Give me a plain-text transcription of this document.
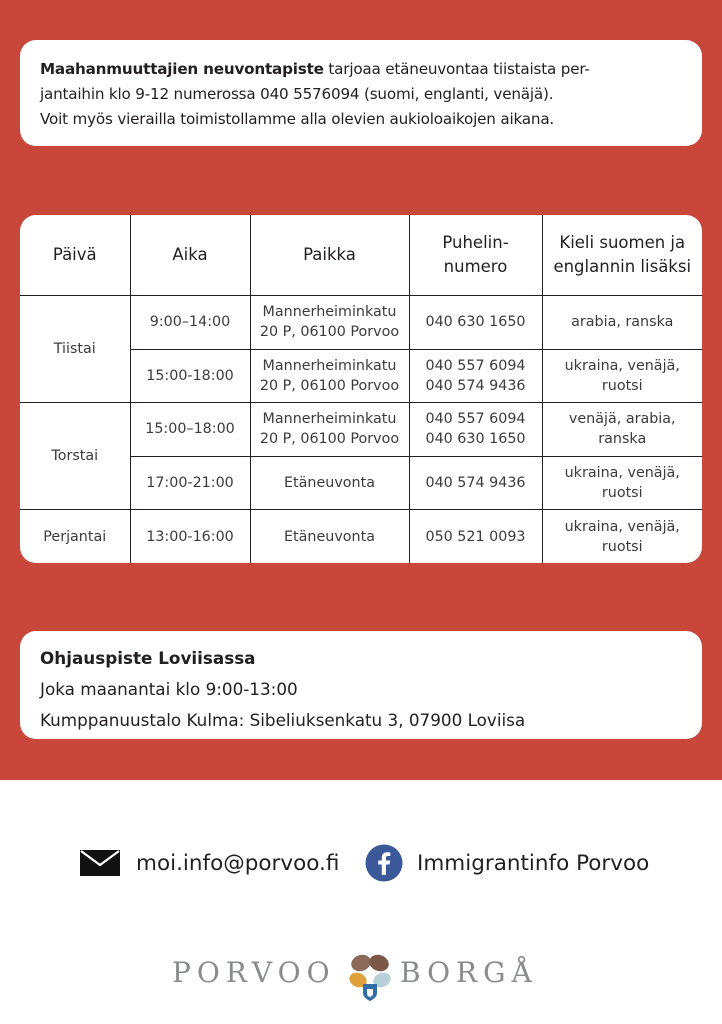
Maahanmuuttajien neuvontapiste tarjoaa etäneuvontaa tiistaista per-

jantaihin klo 9-12 numerossa 040 5576094 (suomi, englanti, venäjä).

Voit myös vierailla toimistollamme alla olevien aukioloaikojen aikana.

Päivä	Aika	Paikka	Puhelin-
numero	Kieli suomen ja
englannin lisäksi

Tiistai	9:00–14:00	Mannerheiminkatu
20 P, 06100 Porvoo	040 630 1650	arabia, ranska

	15:00-18:00	Mannerheiminkatu
20 P, 06100 Porvoo	040 557 6094
040 574 9436	ukraina, venäjä,
ruotsi

Torstai	15:00–18:00	Mannerheiminkatu
20 P, 06100 Porvoo	040 557 6094
040 630 1650	venäjä, arabia,
ranska

	17:00-21:00	Etäneuvonta	040 574 9436	ukraina, venäjä,
ruotsi

Perjantai	13:00-16:00	Etäneuvonta	050 521 0093	ukraina, venäjä,
ruotsi
Ohjauspiste Loviisassa
Joka maanantai klo 9:00-13:00
Kumppanuustalo Kulma: Sibeliuksenkatu 3, 07900 Loviisa
moi.info@porvoo.fi	Immigrantinfo Porvoo
PORVOO BORGÅ
